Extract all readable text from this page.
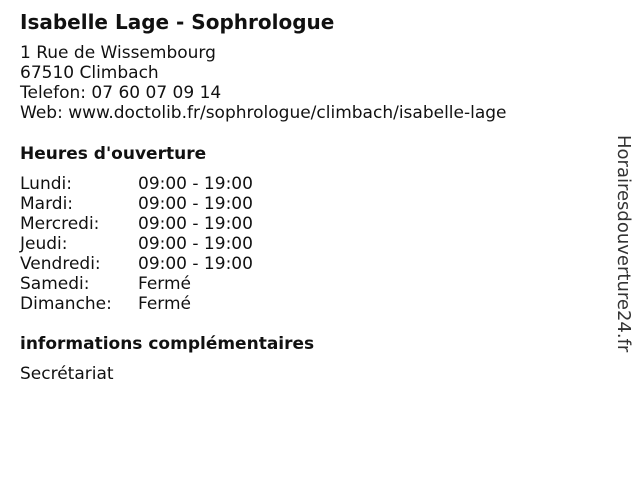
Isabelle Lage - Sophrologue
1 Rue de Wissembourg
67510 Climbach
Telefon: 07 60 07 09 14
Web: www.doctolib.fr/sophrologue/climbach/isabelle-lage
Heures d'ouverture
Lundi:	09:00 - 19:00
Mardi:	09:00 - 19:00
Mercredi:	09:00 - 19:00
Jeudi:	09:00 - 19:00
Vendredi:	09:00 - 19:00
Samedi:	Fermé
Dimanche:	Fermé
informations complémentaires
Secrétariat
Horairesdouverture24.fr
